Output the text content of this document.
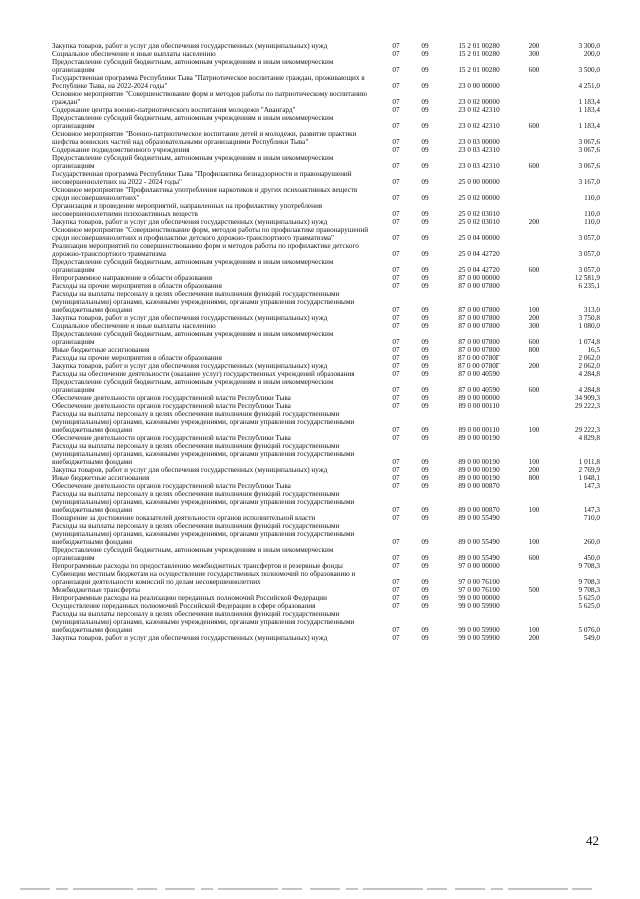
Закупка товаров, работ и услуг для обеспечения государственных (муниципальных) нужд	07	09	15 2 01 00280	200	3 300,0
Социальное обеспечение и иные выплаты населению	07	09	15 2 01 00280	300	200,0
Предоставление субсидий бюджетным, автономным учреждениям и иным некоммерческим организациям	07	09	15 2 01 00280	600	3 500,0
Государственная программа Республики Тыва "Патриотическое воспитание граждан, проживающих в Республике Тыва, на 2022-2024 годы"	07	09	23 0 00 00000		4 251,0
Основное мероприятие "Совершенствование форм и методов работы по патриотическому воспитанию граждан"	07	09	23 0 02 00000		1 183,4
Содержание центра военно-патриотического воспитания молодежи "Авангард"	07	09	23 0 02 42310		1 183,4
Предоставление субсидий бюджетным, автономным учреждениям и иным некоммерческим организациям	07	09	23 0 02 42310	600	1 183,4
Основное мероприятие "Военно-патриотическое воспитание детей и молодежи, развитие практики шефства воинских частей над образовательными организациями Республики Тыва"	07	09	23 0 03 00000		3 067,6
Содержание подведомственного учреждения	07	09	23 0 03 42310		3 067,6
Предоставление субсидий бюджетным, автономным учреждениям и иным некоммерческим организациям	07	09	23 0 03 42310	600	3 067,6
Государственная программа Республики Тыва "Профилактика безнадзорности и правонарушений несовершеннолетних на 2022 - 2024 годы"	07	09	25 0 00 00000		3 167,0
Основное мероприятие "Профилактика употребления наркотиков и других психоактивных веществ среди несовершеннолетних"	07	09	25 0 02 00000		110,0
Организация и проведение мероприятий, направленных на профилактику употребления несовершеннолетними психоактивных веществ	07	09	25 0 02 03010		110,0
Закупка товаров, работ и услуг для обеспечения государственных (муниципальных) нужд	07	09	25 0 02 03010	200	110,0
Основное мероприятие "Совершенствование форм, методов работы по профилактике правонарушений среди несовершеннолетних и профилактике детского дорожно-транспортного травматизма"	07	09	25 0 04 00000		3 057,0
Реализация мероприятий по совершенствованию форм и методов работы по профилактике детского дорожно-транспортного травматизма	07	09	25 0 04 42720		3 057,0
Предоставление субсидий бюджетным, автономным учреждениям и иным некоммерческим организациям	07	09	25 0 04 42720	600	3 057,0
Непрограммное направление в области образования	07	09	87 0 00 00000		12 581,9
Расходы на прочие мероприятия в области образования	07	09	87 0 00 07800		6 235,1
Расходы на выплаты персоналу в целях обеспечения выполнения функций государственными (муниципальными) органами, казенными учреждениями, органами управления государственными внебюджетными фондами	07	09	87 0 00 07800	100	313,0
Закупка товаров, работ и услуг для обеспечения государственных (муниципальных) нужд	07	09	87 0 00 07800	200	3 750,8
Социальное обеспечение и иные выплаты населению	07	09	87 0 00 07800	300	1 080,0
Предоставление субсидий бюджетным, автономным учреждениям и иным некоммерческим организациям	07	09	87 0 00 07800	600	1 074,8
Иные бюджетные ассигнования	07	09	87 0 00 07800	800	16,5
Расходы на прочие мероприятия в области образования	07	09	87 0 00 0780Г		2 062,0
Закупка товаров, работ и услуг для обеспечения государственных (муниципальных) нужд	07	09	87 0 00 0780Г	200	2 062,0
Расходы на обеспечение деятельности (оказание услуг) государственных учреждений образования	07	09	87 0 00 40590		4 284,8
Предоставление субсидий бюджетным, автономным учреждениям и иным некоммерческим организациям	07	09	87 0 00 40590	600	4 284,8
Обеспечение деятельности органов государственной власти Республики Тыва	07	09	89 0 00 00000		34 909,3
Обеспечение деятельности органов государственной власти Республики Тыва	07	09	89 0 00 00110		29 222,3
Расходы на выплаты персоналу в целях обеспечения выполнения функций государственными (муниципальными) органами, казенными учреждениями, органами управления государственными внебюджетными фондами	07	09	89 0 00 00110	100	29 222,3
Обеспечение деятельности органов государственной власти Республики Тыва	07	09	89 0 00 00190		4 829,8
Расходы на выплаты персоналу в целях обеспечения выполнения функций государственными (муниципальными) органами, казенными учреждениями, органами управления государственными внебюджетными фондами	07	09	89 0 00 00190	100	1 011,8
Закупка товаров, работ и услуг для обеспечения государственных (муниципальных) нужд	07	09	89 0 00 00190	200	2 769,9
Иные бюджетные ассигнования	07	09	89 0 00 00190	800	1 048,1
Обеспечение деятельности органов государственной власти Республики Тыва	07	09	89 0 00 00870		147,3
Расходы на выплаты персоналу в целях обеспечения выполнения функций государственными (муниципальными) органами, казенными учреждениями, органами управления государственными внебюджетными фондами	07	09	89 0 00 00870	100	147,3
Поощрение за достижение показателей деятельности органов исполнительной власти	07	09	89 0 00 55490		710,0
Расходы на выплаты персоналу в целях обеспечения выполнения функций государственными (муниципальными) органами, казенными учреждениями, органами управления государственными внебюджетными фондами	07	09	89 0 00 55490	100	260,0
Предоставление субсидий бюджетным, автономным учреждениям и иным некоммерческим организациям	07	09	89 0 00 55490	600	450,0
Непрограммные расходы по предоставлению межбюджетных трансфертов и резервные фонды	07	09	97 0 00 00000		9 708,3
Субвенции местным бюджетам на осуществление государственных полномочий по образованию и организации деятельности комиссий по делам несовершеннолетних	07	09	97 0 00 76100		9 708,3
Межбюджетные трансферты	07	09	97 0 00 76100	500	9 708,3
Непрограммные расходы на реализацию переданных полномочий Российской Федерации	07	09	99 0 00 00000		5 625,0
Осуществление переданных полномочий Российской Федерации в сфере образования	07	09	99 0 00 59900		5 625,0
Расходы на выплаты персоналу в целях обеспечения выполнения функций государственными (муниципальными) органами, казенными учреждениями, органами управления государственными внебюджетными фондами	07	09	99 0 00 59900	100	5 076,0
Закупка товаров, работ и услуг для обеспечения государственных (муниципальных) нужд	07	09	99 0 00 59900	200	549,0
42
